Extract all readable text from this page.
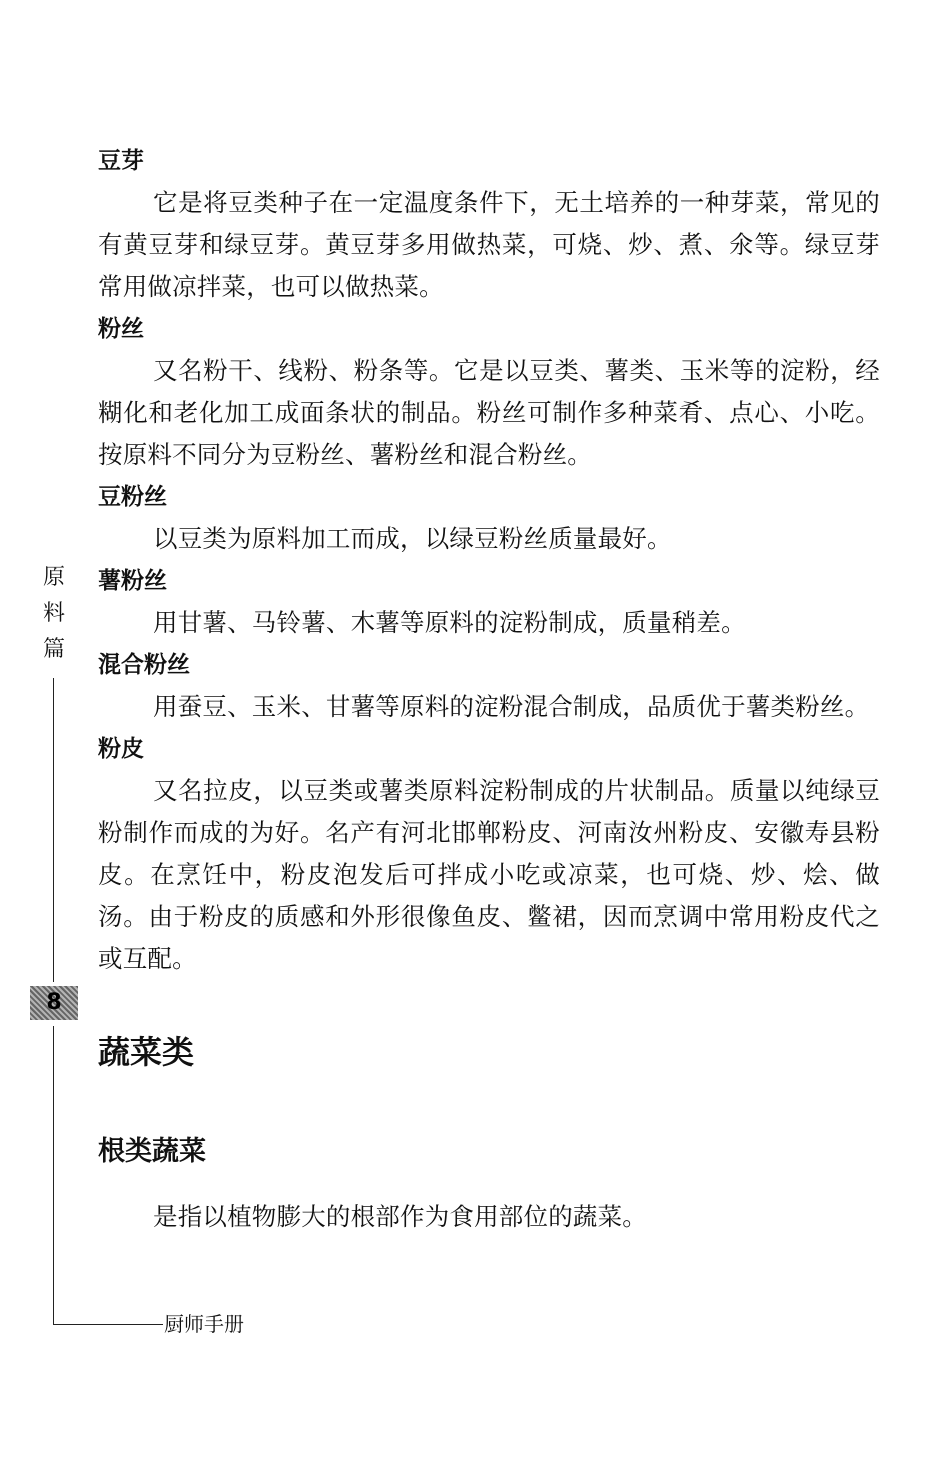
原
料
篇
8
厨师手册

豆芽

它是将豆类种子在一定温度条件下，无土培养的一种芽菜，常见的有黄豆芽和绿豆芽。黄豆芽多用做热菜，可烧、炒、煮、氽等。绿豆芽常用做凉拌菜，也可以做热菜。

粉丝

又名粉干、线粉、粉条等。它是以豆类、薯类、玉米等的淀粉，经糊化和老化加工成面条状的制品。粉丝可制作多种菜肴、点心、小吃。按原料不同分为豆粉丝、薯粉丝和混合粉丝。

豆粉丝

以豆类为原料加工而成，以绿豆粉丝质量最好。

薯粉丝

用甘薯、马铃薯、木薯等原料的淀粉制成，质量稍差。

混合粉丝

用蚕豆、玉米、甘薯等原料的淀粉混合制成，品质优于薯类粉丝。

粉皮

又名拉皮，以豆类或薯类原料淀粉制成的片状制品。质量以纯绿豆粉制作而成的为好。名产有河北邯郸粉皮、河南汝州粉皮、安徽寿县粉皮。在烹饪中，粉皮泡发后可拌成小吃或凉菜，也可烧、炒、烩、做汤。由于粉皮的质感和外形很像鱼皮、鳖裙，因而烹调中常用粉皮代之或互配。

蔬菜类

根类蔬菜

是指以植物膨大的根部作为食用部位的蔬菜。
